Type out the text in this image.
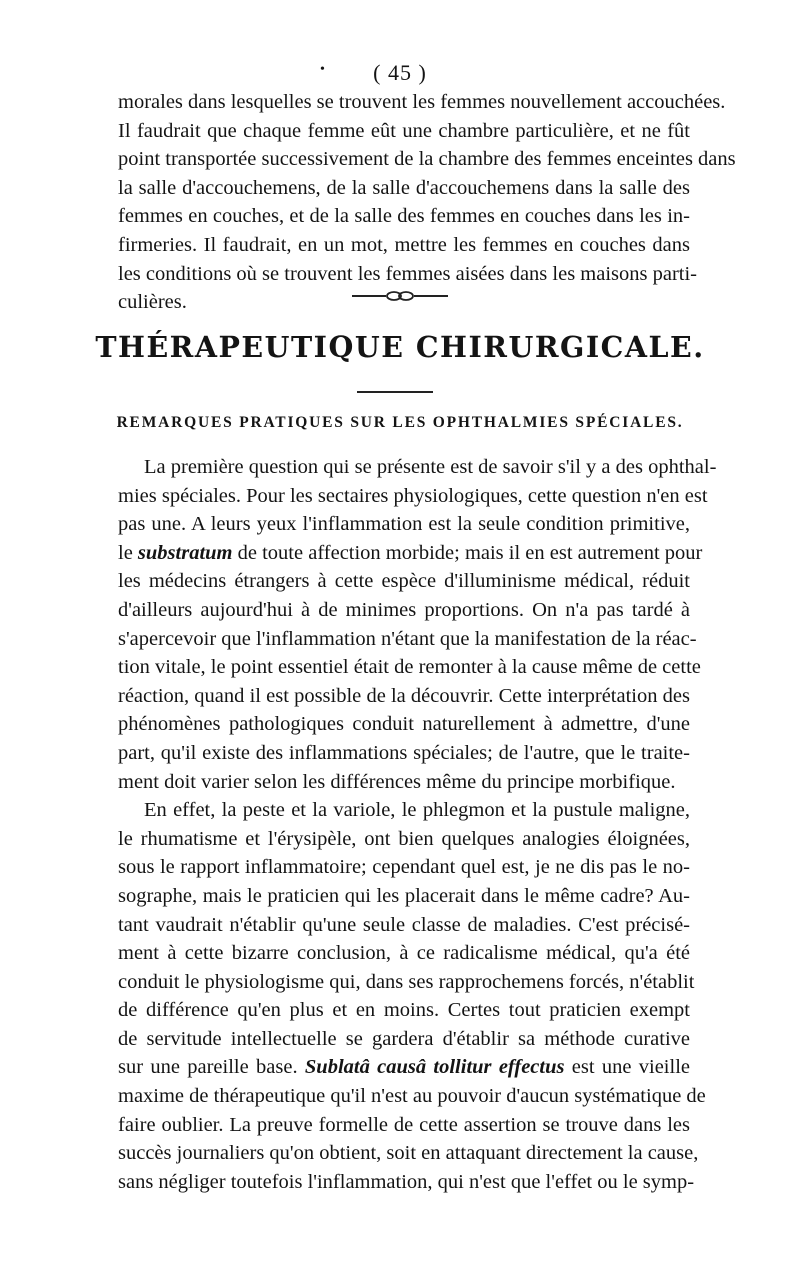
• ( 45 )
morales dans lesquelles se trouvent les femmes nouvellement accouchées.
Il faudrait que chaque femme eût une chambre particulière, et ne fût
point transportée successivement de la chambre des femmes enceintes dans
la salle d'accouchemens, de la salle d'accouchemens dans la salle des
femmes en couches, et de la salle des femmes en couches dans les in-
firmeries. Il faudrait, en un mot, mettre les femmes en couches dans
les conditions où se trouvent les femmes aisées dans les maisons parti-
culières.
THÉRAPEUTIQUE CHIRURGICALE.
REMARQUES PRATIQUES SUR LES OPHTHALMIES SPÉCIALES.
La première question qui se présente est de savoir s'il y a des ophthal-
mies spéciales. Pour les sectaires physiologiques, cette question n'en est
pas une. A leurs yeux l'inflammation est la seule condition primitive,
le substratum de toute affection morbide; mais il en est autrement pour
les médecins étrangers à cette espèce d'illuminisme médical, réduit
d'ailleurs aujourd'hui à de minimes proportions. On n'a pas tardé à
s'apercevoir que l'inflammation n'étant que la manifestation de la réac-
tion vitale, le point essentiel était de remonter à la cause même de cette
réaction, quand il est possible de la découvrir. Cette interprétation des
phénomènes pathologiques conduit naturellement à admettre, d'une
part, qu'il existe des inflammations spéciales; de l'autre, que le traite-
ment doit varier selon les différences même du principe morbifique.
En effet, la peste et la variole, le phlegmon et la pustule maligne,
le rhumatisme et l'érysipèle, ont bien quelques analogies éloignées,
sous le rapport inflammatoire; cependant quel est, je ne dis pas le no-
sographe, mais le praticien qui les placerait dans le même cadre? Au-
tant vaudrait n'établir qu'une seule classe de maladies. C'est précisé-
ment à cette bizarre conclusion, à ce radicalisme médical, qu'a été
conduit le physiologisme qui, dans ses rapprochemens forcés, n'établit
de différence qu'en plus et en moins. Certes tout praticien exempt
de servitude intellectuelle se gardera d'établir sa méthode curative
sur une pareille base. Sublatâ causâ tollitur effectus est une vieille
maxime de thérapeutique qu'il n'est au pouvoir d'aucun systématique de
faire oublier. La preuve formelle de cette assertion se trouve dans les
succès journaliers qu'on obtient, soit en attaquant directement la cause,
sans négliger toutefois l'inflammation, qui n'est que l'effet ou le symp-
